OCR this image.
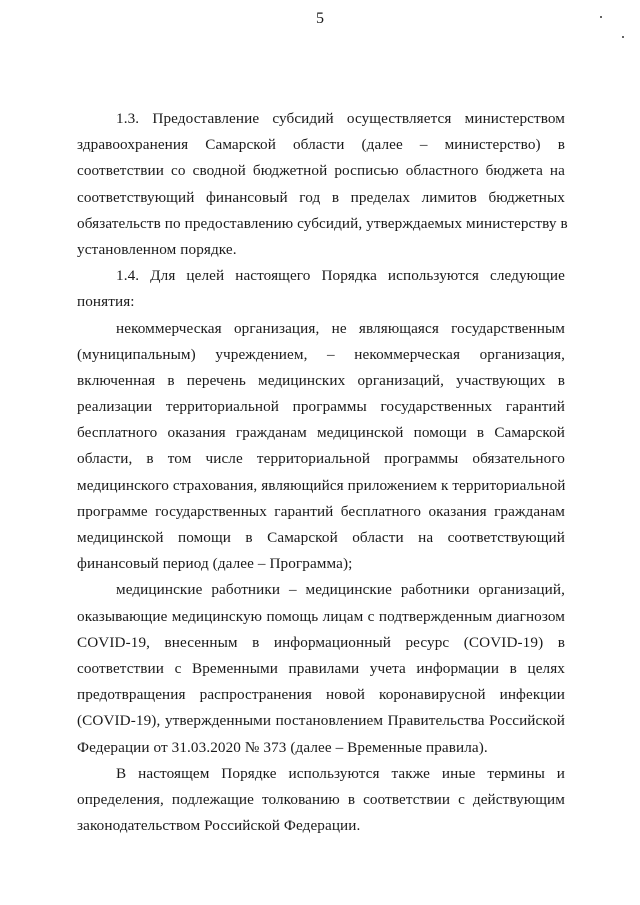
5
1.3. Предоставление субсидий осуществляется министерством
здравоохранения Самарской области (далее – министерство) в
соответствии со сводной бюджетной росписью областного бюджета на
соответствующий финансовый год в пределах лимитов бюджетных
обязательств по предоставлению субсидий, утверждаемых министерству в
установленном порядке.
1.4. Для целей настоящего Порядка используются следующие
понятия:
некоммерческая организация, не являющаяся государственным
(муниципальным) учреждением, – некоммерческая организация,
включенная в перечень медицинских организаций, участвующих в
реализации территориальной программы государственных гарантий
бесплатного оказания гражданам медицинской помощи в Самарской
области, в том числе территориальной программы обязательного
медицинского страхования, являющийся приложением к территориальной
программе государственных гарантий бесплатного оказания гражданам
медицинской помощи в Самарской области на соответствующий
финансовый период (далее – Программа);
медицинские работники – медицинские работники организаций,
оказывающие медицинскую помощь лицам с подтвержденным диагнозом
COVID-19, внесенным в информационный ресурс (COVID-19) в
соответствии с Временными правилами учета информации в целях
предотвращения распространения новой коронавирусной инфекции
(COVID-19), утвержденными постановлением Правительства Российской
Федерации от 31.03.2020 № 373 (далее – Временные правила).
В настоящем Порядке используются также иные термины и
определения, подлежащие толкованию в соответствии с действующим
законодательством Российской Федерации.
